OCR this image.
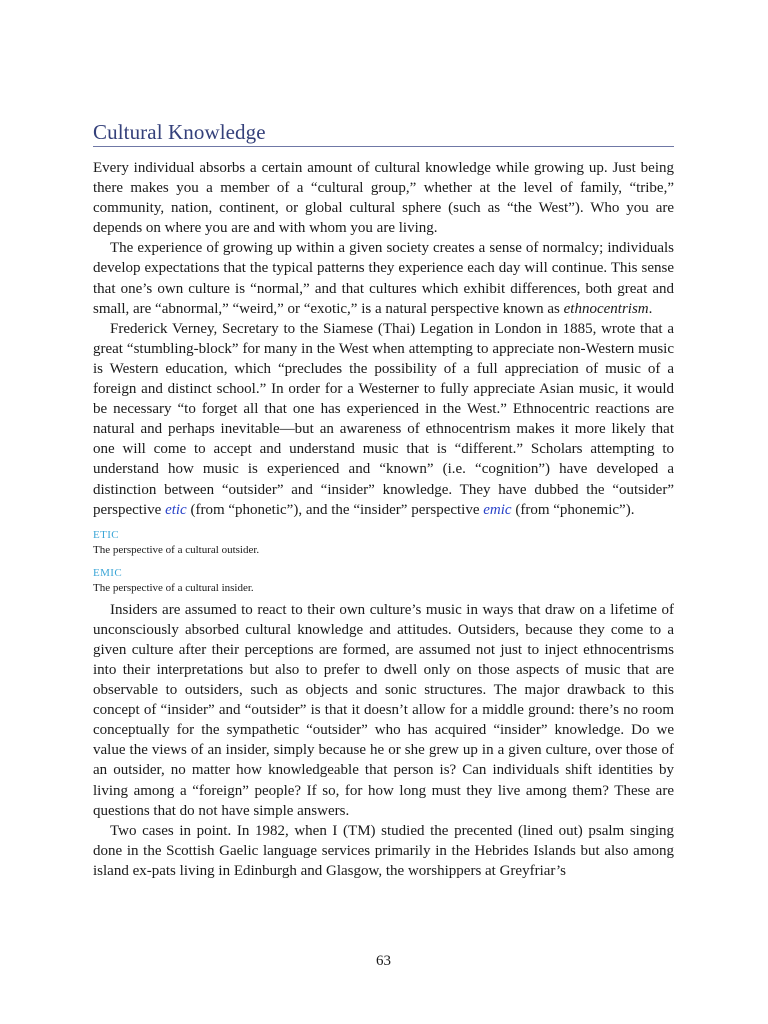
Cultural Knowledge

Every individual absorbs a certain amount of cultural knowledge while growing up. Just being there makes you a member of a “cultural group,” whether at the level of family, “tribe,” community, nation, continent, or global cultural sphere (such as “the West”). Who you are depends on where you are and with whom you are living.

The experience of growing up within a given society creates a sense of normalcy; individuals develop expectations that the typical patterns they experience each day will continue. This sense that one’s own culture is “normal,” and that cultures which exhibit differences, both great and small, are “abnormal,” “weird,” or “exotic,” is a natural perspective known as ethnocentrism.

Frederick Verney, Secretary to the Siamese (Thai) Legation in London in 1885, wrote that a great “stumbling-block” for many in the West when attempting to appreciate non-Western music is Western education, which “precludes the possibility of a full appreciation of music of a foreign and distinct school.” In order for a Westerner to fully appreciate Asian music, it would be necessary “to forget all that one has experienced in the West.” Ethnocentric reactions are natural and perhaps inevitable—but an awareness of ethnocentrism makes it more likely that one will come to accept and understand music that is “different.” Scholars attempting to understand how music is experienced and “known” (i.e. “cognition”) have developed a distinction between “outsider” and “insider” knowledge. They have dubbed the “outsider” perspective etic (from “phonetic”), and the “insider” perspective emic (from “phonemic”).

ETIC
The perspective of a cultural outsider.
EMIC
The perspective of a cultural insider.

Insiders are assumed to react to their own culture’s music in ways that draw on a lifetime of unconsciously absorbed cultural knowledge and attitudes. Outsiders, because they come to a given culture after their perceptions are formed, are assumed not just to inject ethnocentrisms into their interpretations but also to prefer to dwell only on those aspects of music that are observable to outsiders, such as objects and sonic structures. The major drawback to this concept of “insider” and “outsider” is that it doesn’t allow for a middle ground: there’s no room conceptually for the sympathetic “outsider” who has acquired “insider” knowledge. Do we value the views of an insider, simply because he or she grew up in a given culture, over those of an outsider, no matter how knowledgeable that person is? Can individuals shift identities by living among a “foreign” people? If so, for how long must they live among them? These are questions that do not have simple answers.

Two cases in point. In 1982, when I (TM) studied the precented (lined out) psalm singing done in the Scottish Gaelic language services primarily in the Hebrides Islands but also among island ex-pats living in Edinburgh and Glasgow, the worshippers at Greyfriar’s

63
